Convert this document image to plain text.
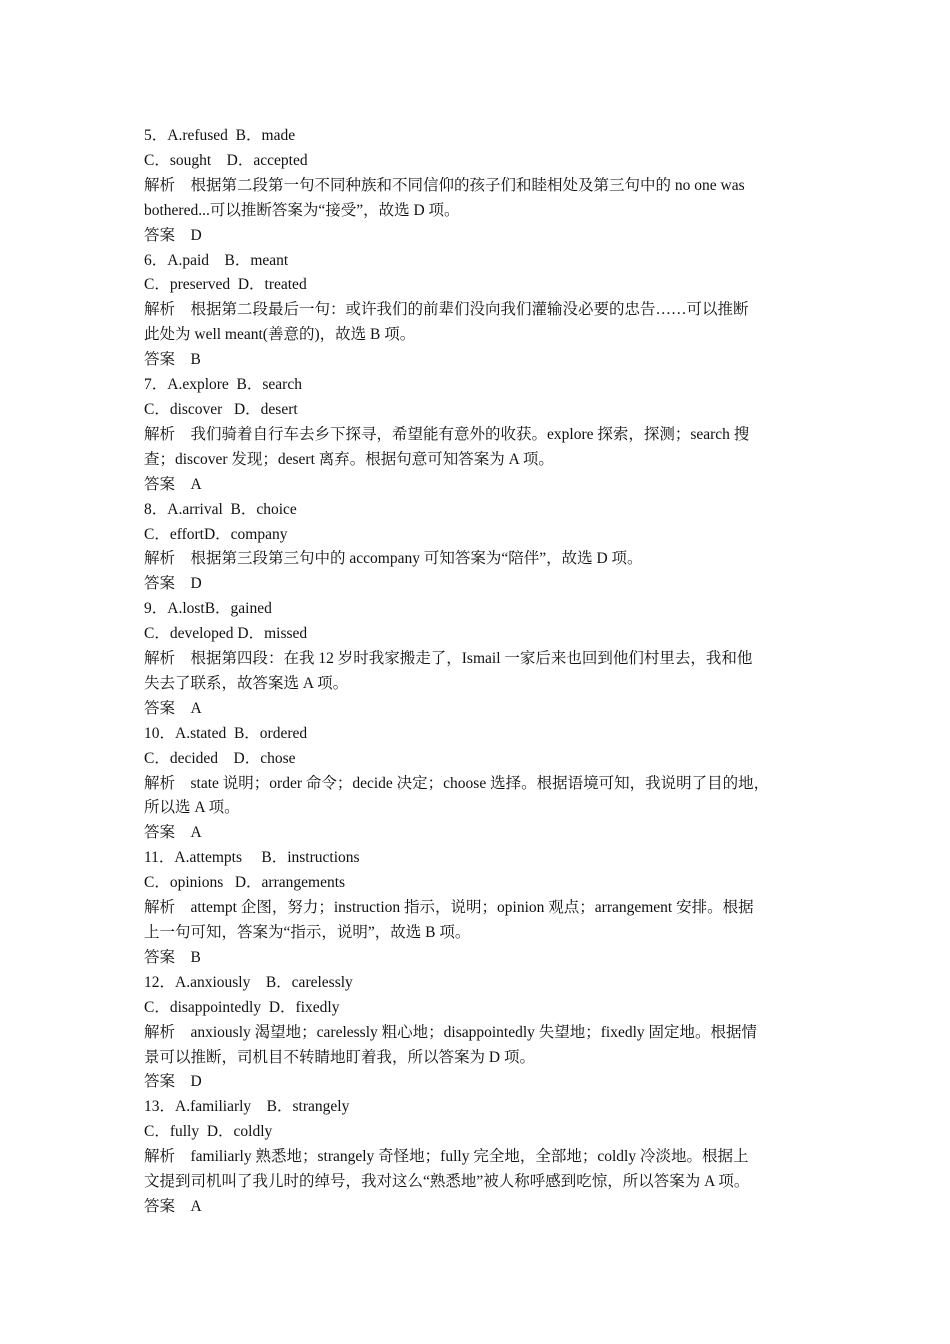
5．A.refused  B．made
C．sought    D．accepted
解析　根据第二段第一句不同种族和不同信仰的孩子们和睦相处及第三句中的 no one was
bothered...可以推断答案为“接受”，故选 D 项。
答案　D
6．A.paid    B．meant
C．preserved  D．treated
解析　根据第二段最后一句：或许我们的前辈们没向我们灌输没必要的忠告……可以推断
此处为 well meant(善意的)，故选 B 项。
答案　B
7．A.explore  B．search
C．discover   D．desert
解析　我们骑着自行车去乡下探寻，希望能有意外的收获。explore 探索，探测；search 搜
查；discover 发现；desert 离弃。根据句意可知答案为 A 项。
答案　A
8．A.arrival  B．choice
C．effortD．company
解析　根据第三段第三句中的 accompany 可知答案为“陪伴”，故选 D 项。
答案　D
9．A.lostB．gained
C．developed D．missed
解析　根据第四段：在我 12 岁时我家搬走了，Ismail 一家后来也回到他们村里去，我和他
失去了联系，故答案选 A 项。
答案　A
10．A.stated  B．ordered
C．decided    D．chose
解析　state 说明；order 命令；decide 决定；choose 选择。根据语境可知，我说明了目的地，
所以选 A 项。
答案　A
11．A.attempts     B．instructions
C．opinions   D．arrangements
解析　attempt 企图，努力；instruction 指示，说明；opinion 观点；arrangement 安排。根据
上一句可知，答案为“指示，说明”，故选 B 项。
答案　B
12．A.anxiously    B．carelessly
C．disappointedly  D．fixedly
解析　anxiously 渴望地；carelessly 粗心地；disappointedly 失望地；fixedly 固定地。根据情
景可以推断，司机目不转睛地盯着我，所以答案为 D 项。
答案　D
13．A.familiarly    B．strangely
C．fully  D．coldly
解析　familiarly 熟悉地；strangely 奇怪地；fully 完全地，全部地；coldly 冷淡地。根据上
文提到司机叫了我儿时的绰号，我对这么“熟悉地”被人称呼感到吃惊，所以答案为 A 项。
答案　A
